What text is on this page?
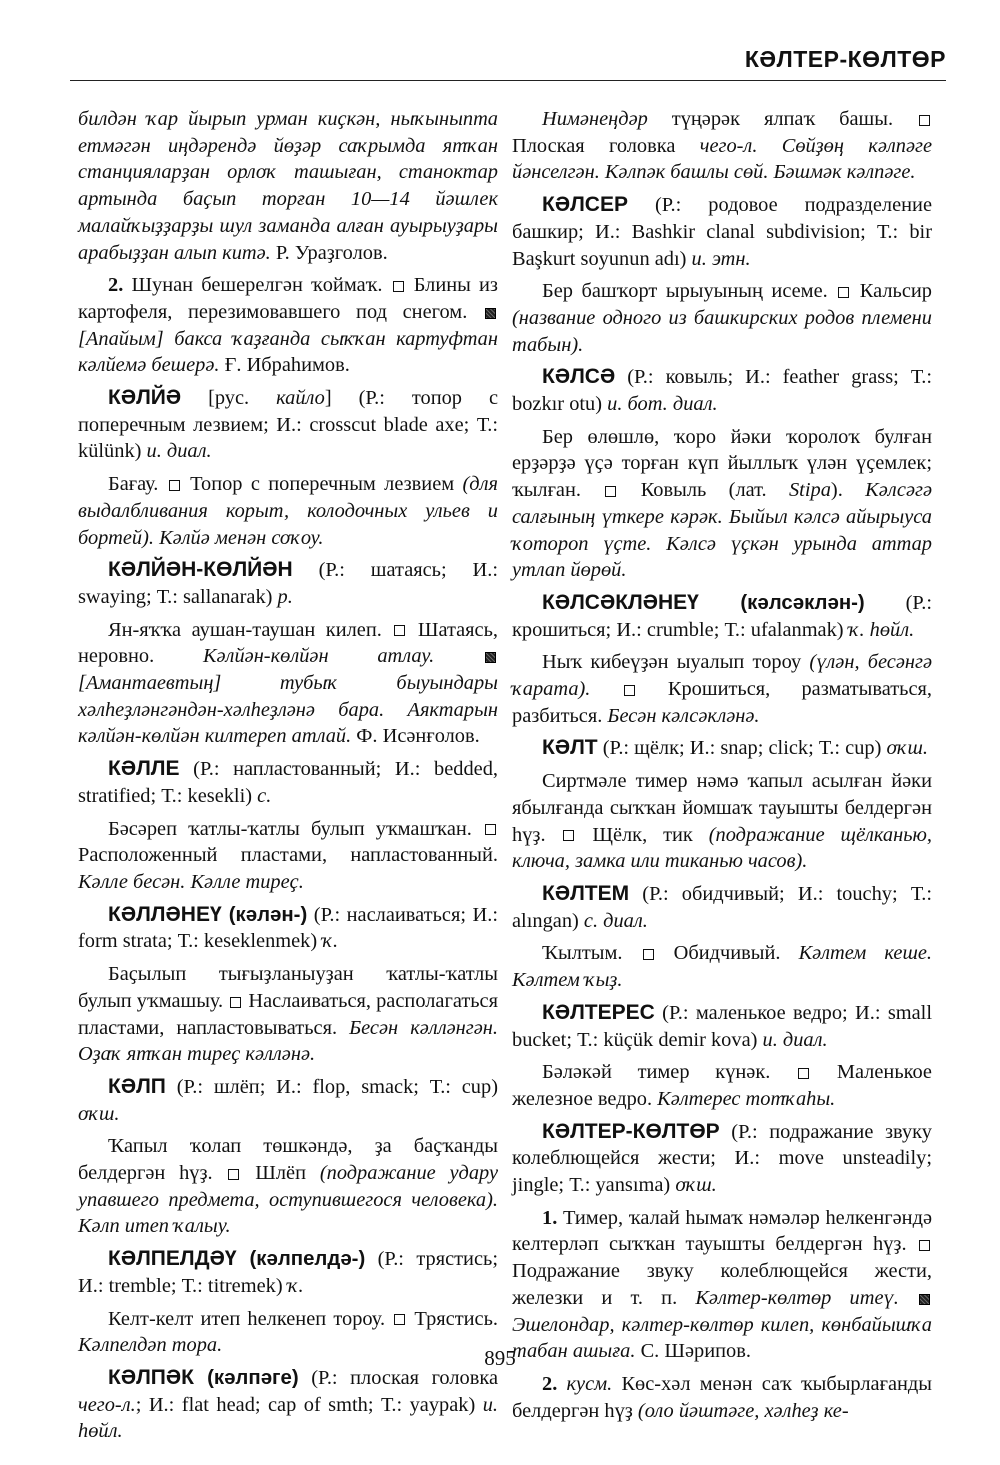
КӘЛТЕР-КӨЛТӨР

билдән ҡар йырып урман киҫкән, ныҡыныптa етмәгән иңдәрендә йөҙәр саҡрымда ятҡан станциялар​ҙан орлоҡ ташыған, станоктар артында баҫып торған 10—14 йәшлек малайҡыҙ​ҙарҙы шул заманда алған ауырыуҙары арабыҙҙан алып китә. Р. Ураҙголов.

2. Шунан бешерелгән ҡоймаҡ.  Блины из картофеля, перезимовавшего под снегом.  [Апайым] бакса ҡаҙғанда сыҡҡан картуфтан кәлйемә бешерә. Ғ. Ибраһимов.

КӘЛЙӘ [рус. кайло] (Р.: топор с поперечным лезвием; И.: crosscut blade axe; Т.: külünk) и. диал.

Бағау.  Топор с поперечным лезвием (для выдалбливания корыт, колодочных ульев и бортей). Кәлйә менән соҡоу.

КӘЛЙӘН-КӨЛЙӘН (Р.: шатаясь; И.: swaying; Т.: sallanarak) р.

Ян-яҡҡа аушан-таушан килеп.  Шатаясь, неровно. Кәлйән-көлйән атлау.  [Амантаевтың] тубыҡ быуындары хәлһеҙләнгәндән-хәлһеҙләнә бара. Аяктарын кәлйән-көлйән килтереп атлай. Ф. Исәнғолов.

КӘЛЛЕ (Р.: напластованный; И.: bedded, stratified; Т.: kesekli) с.

Бәсәреп ҡатлы-ҡатлы булып уҡмашҡан.  Расположенный пластами, напластованный. Кәлле бесән. Кәлле тиреҫ.

КӘЛЛӘНЕҮ (кәлән-) (Р.: наслаиваться; И.: form strata; Т.: keseklenmek) ҡ.

Баҫылып тығыҙланыуҙан ҡатлы-ҡатлы булып уҡмашыу.  Наслаиваться, располагаться пластами, напластовываться. Бесән кәлләнгән. Оҙаҡ ятҡан тиреҫ кәлләнә.

КӘЛП (Р.: шлёп; И.: flop, smack; Т.: cup) оҡш.

Ҡапыл ҡолап төшкәндә, ҙа баҫҡанды белдергән һүҙ.  Шлёп (подражание удару упавшего предмета, оступившегося человека). Кәлп итеп ҡалыу.

КӘЛПЕЛДӘҮ (кәлпелдә-) (Р.: трястись; И.: tremble; Т.: titremek) ҡ.

Келт-келт итеп һелкенеп тороу.  Трястись. Кәлпелдәп тора.

КӘЛПӘК (кәлпәге) (Р.: плоская головка чего-л.; И.: flat head; cap of smth; Т.: yaypak) и. һөйл.

Нимәнеңдәр түңәрәк ялпаҡ башы.  Плоская головка чего-л. Сөйҙөң кәлпәге йәнселгән. Кәлпәк башлы сөй. Бәшмәк кәлпәге.

КӘЛСЕР (Р.: родовое подразделение башкир; И.: Bashkir clanal subdivision; Т.: bir Başkurt soyunun adı) и. этн.

Бер башҡорт ырыуының исеме.  Кальсир (название одного из башкирских родов племени табын).

КӘЛСӘ (Р.: ковыль; И.: feather grass; Т.: bozkır otu) и. бот. диал.

Бер өлөшлө, ҡоро йәки ҡоролоҡ булған ерҙәрҙә үҫә торған күп йыллыҡ үлән үҫемлек; ҡылған.  Ковыль (лат. Stipa). Кәлсәгә салғының үткере кәрәк. Быйыл кәлсә айырыуса ҡотороп үҫте. Кәлсә үҫкән урында аттар утлап йөрөй.

КӘЛСӘКЛӘНЕҮ (кәлсәклән-) (Р.: крошиться; И.: crumble; Т.: ufalanmak) ҡ. һөйл.

Ныҡ кибеүҙән ыуалып тороу (үлән, бесәнгә ҡарата).  Крошиться, разматываться, разбиться. Бесән кәлсәкләнә.

КӘЛТ (Р.: щёлк; И.: snap; click; Т.: cup) оҡш.

Сиртмәле тимер нәмә ҡапыл асылған йәки ябылғанда сыҡҡан йомшаҡ тауышты белдергән һүҙ.  Щёлк, тик (подражание щёлканью, ключа, замка или тиканью часов).

КӘЛТЕМ (Р.: обидчивый; И.: touchy; Т.: alıngan) с. диал.

Ҡылтым.  Обидчивый. Кәлтем кеше. Кәлтем ҡыҙ.

КӘЛТЕРЕС (Р.: маленькое ведро; И.: small bucket; Т.: küçük demir kova) и. диал.

Бәләкәй тимер күнәк.  Маленькое железное ведро. Кәлтерес тотҡаһы.

КӘЛТЕР-КӨЛТӨР (Р.: подражание звуку колеблющейся жести; И.: move unsteadily; jingle; Т.: yansıma) оҡш.

1. Тимер, ҡалай һымаҡ нәмәләр һелкенгәндә келтерләп сыҡҡан тауышты белдергән һүҙ.  Подражание звуку колеблющейся жести, железки и т. п. Кәлтер-көлтөр итеү.  Эшелондар, кәлтер-көлтөр килеп, көнбайышҡа табан ашыға. С. Шәрипов.

2. кусм. Көс-хәл менән саҡ ҡыбырлағанды белдергән һүҙ (оло йәштәге, хәлһеҙ ке-

895
